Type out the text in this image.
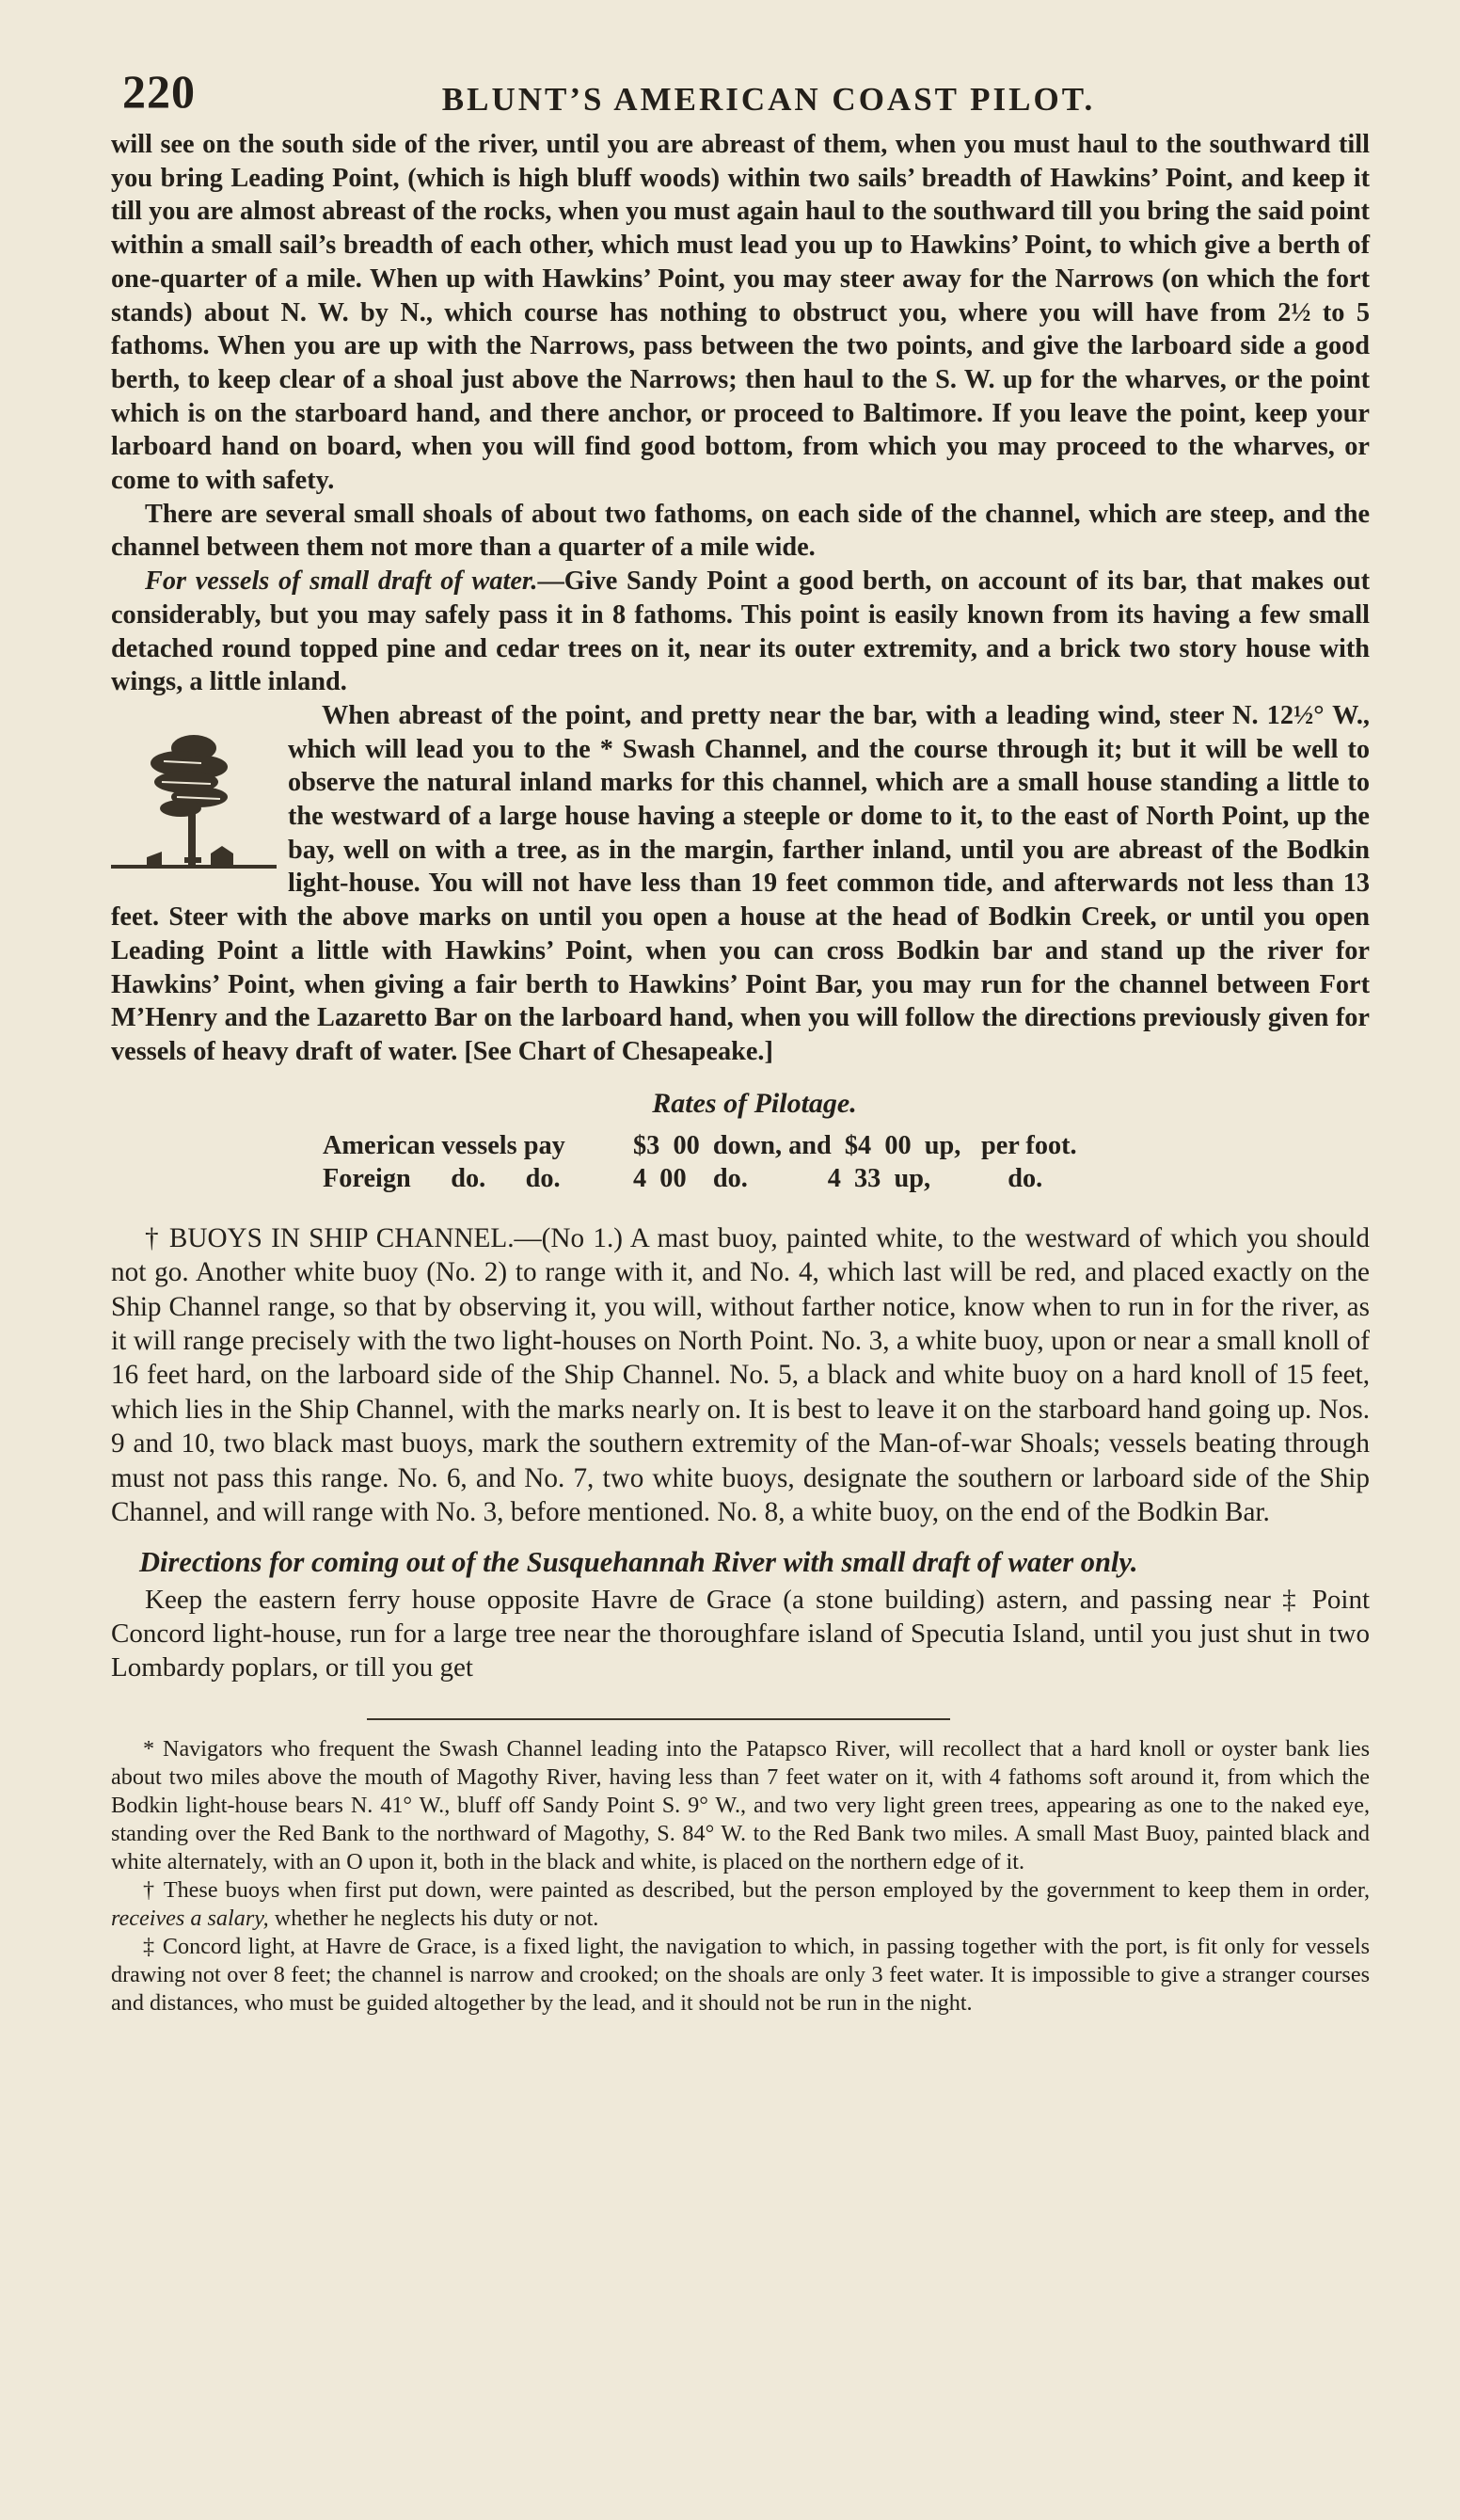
220	BLUNT’S AMERICAN COAST PILOT.

will see on the south side of the river, until you are abreast of them, when you must haul to the southward till you bring Leading Point, (which is high bluff woods) within two sails’ breadth of Hawkins’ Point, and keep it till you are almost abreast of the rocks, when you must again haul to the southward till you bring the said point within a small sail’s breadth of each other, which must lead you up to Hawkins’ Point, to which give a berth of one-quarter of a mile. When up with Hawkins’ Point, you may steer away for the Narrows (on which the fort stands) about N. W. by N., which course has nothing to obstruct you, where you will have from 2½ to 5 fathoms. When you are up with the Narrows, pass between the two points, and give the larboard side a good berth, to keep clear of a shoal just above the Narrows; then haul to the S. W. up for the wharves, or the point which is on the starboard hand, and there anchor, or proceed to Baltimore. If you leave the point, keep your larboard hand on board, when you will find good bottom, from which you may proceed to the wharves, or come to with safety.

There are several small shoals of about two fathoms, on each side of the channel, which are steep, and the channel between them not more than a quarter of a mile wide.

For vessels of small draft of water.—Give Sandy Point a good berth, on account of its bar, that makes out considerably, but you may safely pass it in 8 fathoms. This point is easily known from its having a few small detached round topped pine and cedar trees on it, near its outer extremity, and a brick two story house with wings, a little inland.

When abreast of the point, and pretty near the bar, with a leading wind, steer N. 12½° W., which will lead you to the * Swash Channel, and the course through it; but it will be well to observe the natural inland marks for this channel, which are a small house standing a little to the westward of a large house having a steeple or dome to it, to the east of North Point, up the bay, well on with a tree, as in the margin, farther inland, until you are abreast of the Bodkin light-house. You will not have less than 19 feet common tide, and afterwards not less than 13 feet. Steer with the above marks on until you open a house at the head of Bodkin Creek, or until you open Leading Point a little with Hawkins’ Point, when you can cross Bodkin bar and stand up the river for Hawkins’ Point, when giving a fair berth to Hawkins’ Point Bar, you may run for the channel between Fort M’Henry and the Lazaretto Bar on the larboard hand, when you will follow the directions previously given for vessels of heavy draft of water. [See Chart of Chesapeake.]

Rates of Pilotage.
American vessels pay	$3  00  down, and  $4  00  up, per foot.
Foreign      do.      do.	4  00    do.            4  33  up,	do.

† BUOYS IN SHIP CHANNEL.—(No 1.) A mast buoy, painted white, to the westward of which you should not go. Another white buoy (No. 2) to range with it, and No. 4, which last will be red, and placed exactly on the Ship Channel range, so that by observing it, you will, without farther notice, know when to run in for the river, as it will range precisely with the two light-houses on North Point. No. 3, a white buoy, upon or near a small knoll of 16 feet hard, on the larboard side of the Ship Channel. No. 5, a black and white buoy on a hard knoll of 15 feet, which lies in the Ship Channel, with the marks nearly on. It is best to leave it on the starboard hand going up. Nos. 9 and 10, two black mast buoys, mark the southern extremity of the Man-of-war Shoals; vessels beating through must not pass this range. No. 6, and No. 7, two white buoys, designate the southern or larboard side of the Ship Channel, and will range with No. 3, before mentioned. No. 8, a white buoy, on the end of the Bodkin Bar.

Directions for coming out of the Susquehannah River with small draft of water only.

Keep the eastern ferry house opposite Havre de Grace (a stone building) astern, and passing near ‡ Point Concord light-house, run for a large tree near the thoroughfare island of Specutia Island, until you just shut in two Lombardy poplars, or till you get

* Navigators who frequent the Swash Channel leading into the Patapsco River, will recollect that a hard knoll or oyster bank lies about two miles above the mouth of Magothy River, having less than 7 feet water on it, with 4 fathoms soft around it, from which the Bodkin light-house bears N. 41° W., bluff off Sandy Point S. 9° W., and two very light green trees, appearing as one to the naked eye, standing over the Red Bank to the northward of Magothy, S. 84° W. to the Red Bank two miles. A small Mast Buoy, painted black and white alternately, with an O upon it, both in the black and white, is placed on the northern edge of it.

† These buoys when first put down, were painted as described, but the person employed by the government to keep them in order, receives a salary, whether he neglects his duty or not.

‡ Concord light, at Havre de Grace, is a fixed light, the navigation to which, in passing together with the port, is fit only for vessels drawing not over 8 feet; the channel is narrow and crooked; on the shoals are only 3 feet water. It is impossible to give a stranger courses and distances, who must be guided altogether by the lead, and it should not be run in the night.
